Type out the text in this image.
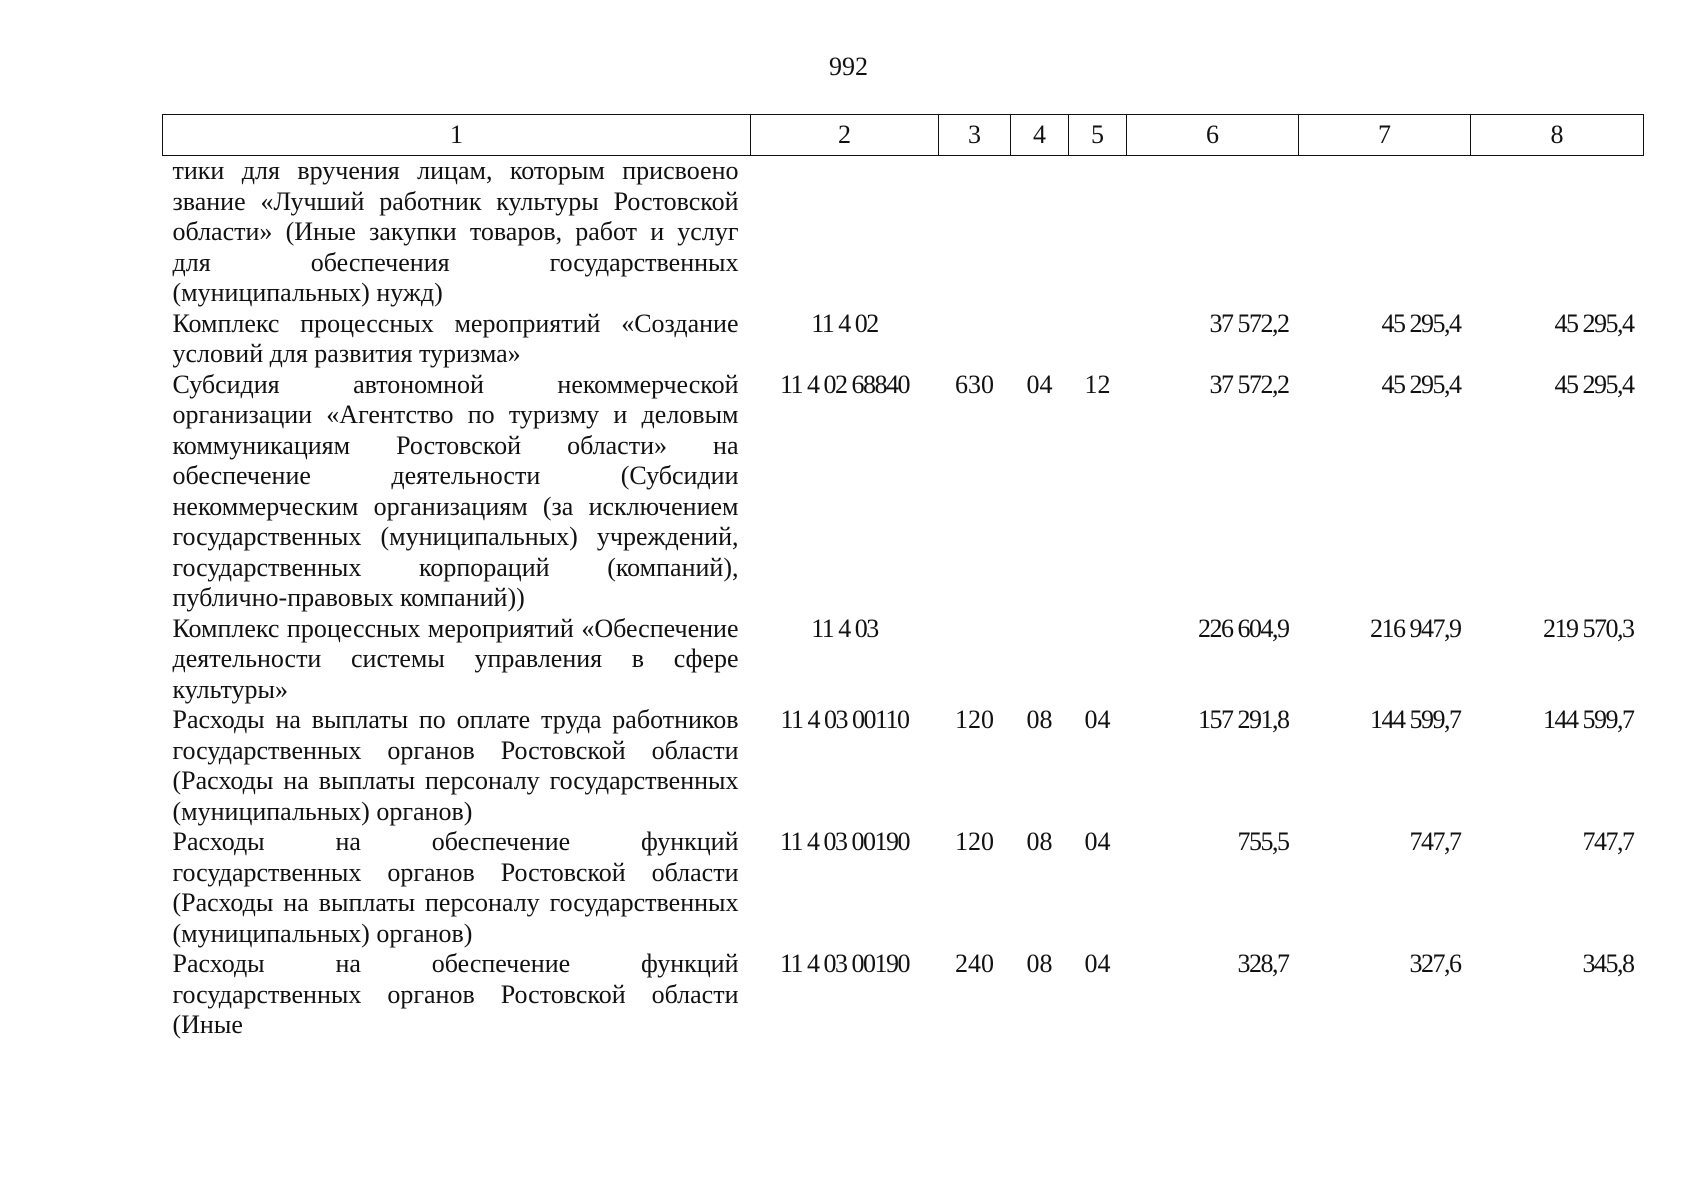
992
1	2	3	4	5	6	7	8
тики для вручения лицам, которым присвоено звание «Лучший работник культуры Ростовской области» (Иные закупки товаров, работ и услуг для обеспечения государственных (муниципальных) нужд)							
Комплекс процессных мероприятий «Создание условий для развития туризма»	11 4 02				37 572,2	45 295,4	45 295,4
Субсидия автономной некоммерческой организации «Агентство по туризму и деловым коммуникациям Ростовской области» на обеспечение деятельности (Субсидии некоммерческим организациям (за исключением государственных (муниципальных) учреждений, государственных корпораций (компаний), публично-правовых компаний))	11 4 02 68840	630	04	12	37 572,2	45 295,4	45 295,4
Комплекс процессных мероприятий «Обеспечение деятельности системы управления в сфере культуры»	11 4 03				226 604,9	216 947,9	219 570,3
Расходы на выплаты по оплате труда работников государственных органов Ростовской области (Расходы на выплаты персоналу государственных (муниципальных) органов)	11 4 03 00110	120	08	04	157 291,8	144 599,7	144 599,7
Расходы на обеспечение функций государственных органов Ростовской области (Расходы на выплаты персоналу государственных (муниципальных) органов)	11 4 03 00190	120	08	04	755,5	747,7	747,7
Расходы на обеспечение функций государственных органов Ростовской области (Иные	11 4 03 00190	240	08	04	328,7	327,6	345,8
